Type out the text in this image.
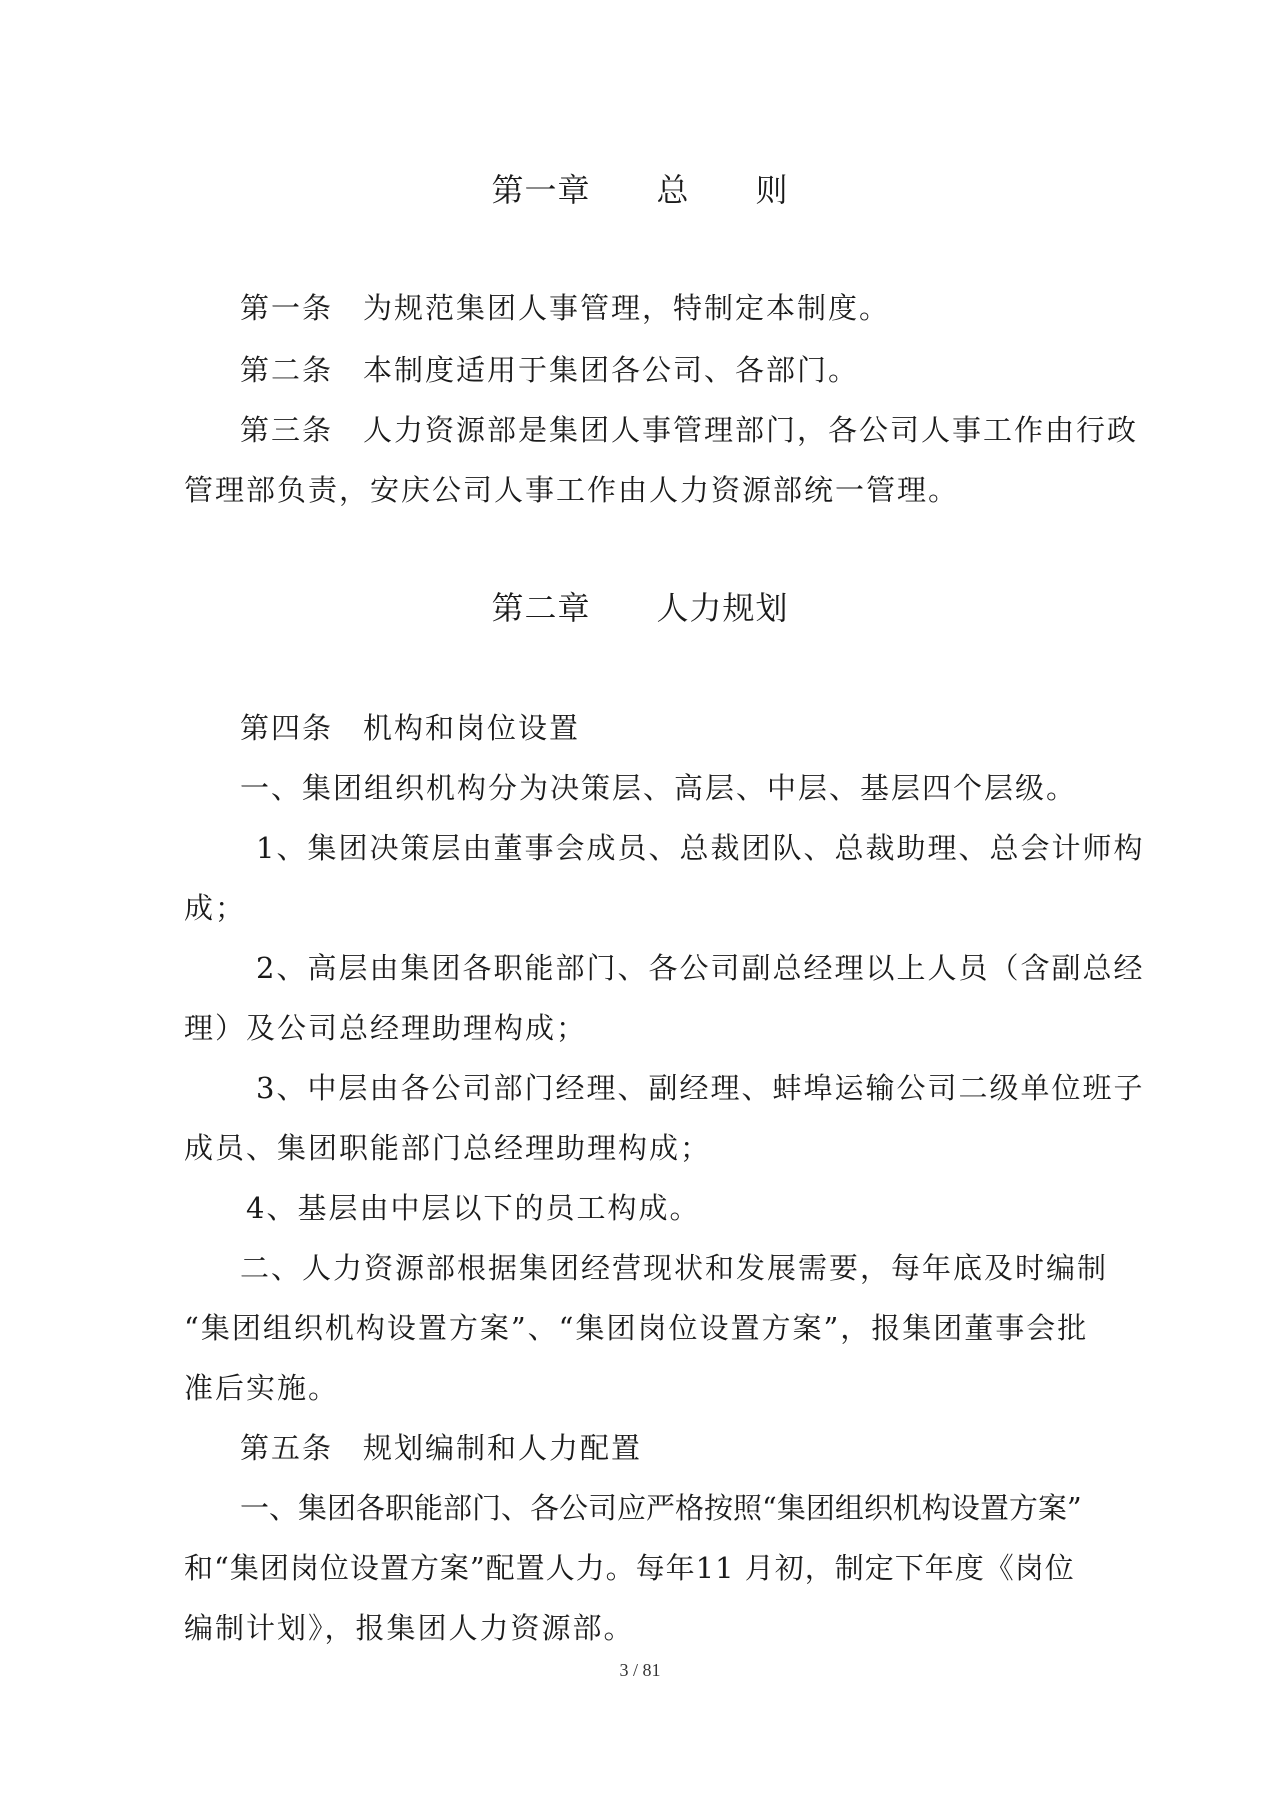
第一章　　总　　则
第一条 为规范集团人事管理，特制定本制度。
第二条 本制度适用于集团各公司、各部门。
第三条 人力资源部是集团人事管理部门，各公司人事工作由行政
管理部负责，安庆公司人事工作由人力资源部统一管理。
第二章　　人力规划
第四条 机构和岗位设置
一、集团组织机构分为决策层、高层、中层、基层四个层级。
1、集团决策层由董事会成员、总裁团队、总裁助理、总会计师构
成；
2、高层由集团各职能部门、各公司副总经理以上人员（含副总经
理）及公司总经理助理构成；
3、中层由各公司部门经理、副经理、蚌埠运输公司二级单位班子
成员、集团职能部门总经理助理构成；
4、基层由中层以下的员工构成。
二、人力资源部根据集团经营现状和发展需要，每年底及时编制
“集团组织机构设置方案”、“集团岗位设置方案”，报集团董事会批
准后实施。
第五条 规划编制和人力配置
一、集团各职能部门、各公司应严格按照“集团组织机构设置方案”
和“集团岗位设置方案”配置人力。每年11 月初，制定下年度《岗位
编制计划》，报集团人力资源部。
3 / 81
